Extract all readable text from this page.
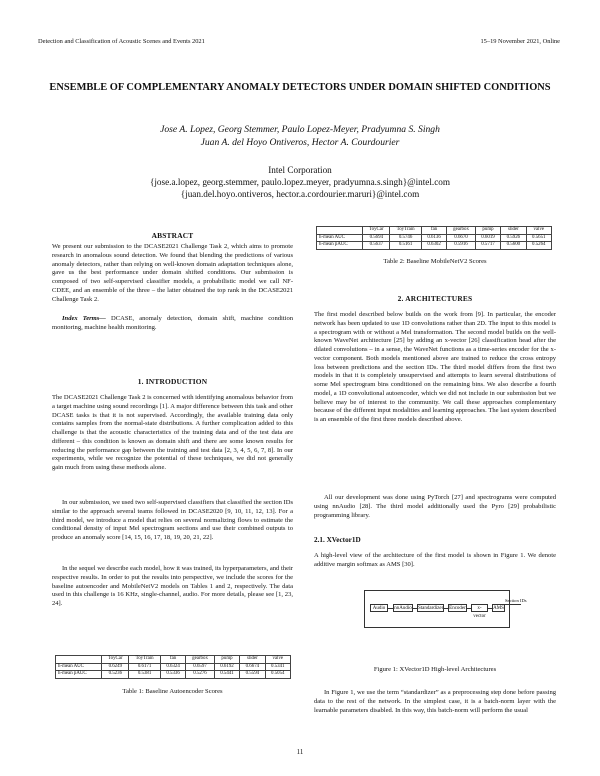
Detection and Classification of Acoustic Scenes and Events 2021	15–19 November 2021, Online
ENSEMBLE OF COMPLEMENTARY ANOMALY DETECTORS UNDER DOMAIN SHIFTED CONDITIONS
Jose A. Lopez, Georg Stemmer, Paulo Lopez-Meyer, Pradyumna S. Singh
Juan A. del Hoyo Ontiveros, Hector A. Courdourier
Intel Corporation
{jose.a.lopez, georg.stemmer, paulo.lopez.meyer, pradyumna.s.singh}@intel.com
{juan.del.hoyo.ontiveros, hector.a.cordourier.maruri}@intel.com
ABSTRACT

We present our submission to the DCASE2021 Challenge Task 2, which aims to promote research in anomalous sound detection. We found that blending the predictions of various anomaly detectors, rather than relying on well-known domain adaptation techniques alone, gave us the best performance under domain shifted conditions. Our submission is composed of two self-supervised classifier models, a probabilistic model we call NF-CDEE, and an ensemble of the three – the latter obtained the top rank in the DCASE2021 Challenge Task 2.

Index Terms— DCASE, anomaly detection, domain shift, machine condition monitoring, machine health monitoring.

1. INTRODUCTION

The DCASE2021 Challenge Task 2 is concerned with identifying anomalous behavior from a target machine using sound recordings [1]. A major difference between this task and other DCASE tasks is that it is not supervised. Accordingly, the available training data only contains samples from the normal-state distributions. A further complication added to this challenge is that the acoustic characteristics of the training data and of the test data are different – this condition is known as domain shift and there are some known results for reducing the performance gap between the training and test data [2, 3, 4, 5, 6, 7, 8]. In our experiments, while we recognize the potential of these techniques, we did not generally gain much from using these methods alone.

In our submission, we used two self-supervised classifiers that classified the section IDs similar to the approach several teams followed in DCASE2020 [9, 10, 11, 12, 13]. For a third model, we introduce a model that relies on several normalizing flows to estimate the conditional density of input Mel spectrogram sections and use their combined outputs to produce an anomaly score [14, 15, 16, 17, 18, 19, 20, 21, 22].

In the sequel we describe each model, how it was trained, its hyperparameters, and their respective results. In order to put the results into perspective, we include the scores for the baseline autoencoder and MobileNetV2 models on Tables 1 and 2, respectively. The data used in this challenge is 16 KHz, single-channel, audio. For more details, please see [1, 23, 24].

	ToyCar	ToyTrain	fan	gearbox	pump	slider	valve
h-mean AUC	0.6249	0.6171	0.6324	0.6597	0.6192	0.6674	0.5341
h-mean pAUC	0.5236	0.5381	0.5336	0.5276	0.5441	0.5594	0.5054
Table 1: Baseline Autoencoder Scores
	ToyCar	ToyTrain	fan	gearbox	pump	slider	valve
h-mean AUC	0.5694	0.5746	0.6136	0.6670	0.6019	0.5926	0.5651
h-mean pAUC	0.5637	0.5161	0.6302	0.5916	0.5717	0.5600	0.5264
Table 2: Baseline MobileNetV2 Scores
2. ARCHITECTURES

The first model described below builds on the work from [9]. In particular, the encoder network has been updated to use 1D convolutions rather than 2D. The input to this model is a spectrogram with or without a Mel transformation. The second model builds on the well-known WaveNet architecture [25] by adding an x-vector [26] classification head after the dilated convolutions – in a sense, the WaveNet functions as a time-series encoder for the x-vector component. Both models mentioned above are trained to reduce the cross entropy loss between predictions and the section IDs. The third model differs from the first two models in that it is completely unsupervised and attempts to learn several distributions of some Mel spectrogram bins conditioned on the remaining bins. We also describe a fourth model, a 1D convolutional autoencoder, which we did not include in our submission but we believe may be of interest to the community. We call these approaches complementary because of the different input modalities and learning approaches. The last system described is an ensemble of the first three models described above.

All our development was done using PyTorch [27] and spectrograms were computed using nnAudio [28]. The third model additionally used the Pyro [29] probabilistic programming library.

2.1. XVector1D

A high-level view of the architecture of the first model is shown in Figure 1. We denote additive margin softmax as AMS [30].

Audio	nnAudio Standardizer Encoder	x-vector
AMS
Section IDs
Figure 1: XVector1D High-level Architectures

In Figure 1, we use the term “standardizer” as a preprocessing step done before passing data to the rest of the network. In the simplest case, it is a batch-norm layer with the learnable parameters disabled. In this way, this batch-norm will perform the usual

11
